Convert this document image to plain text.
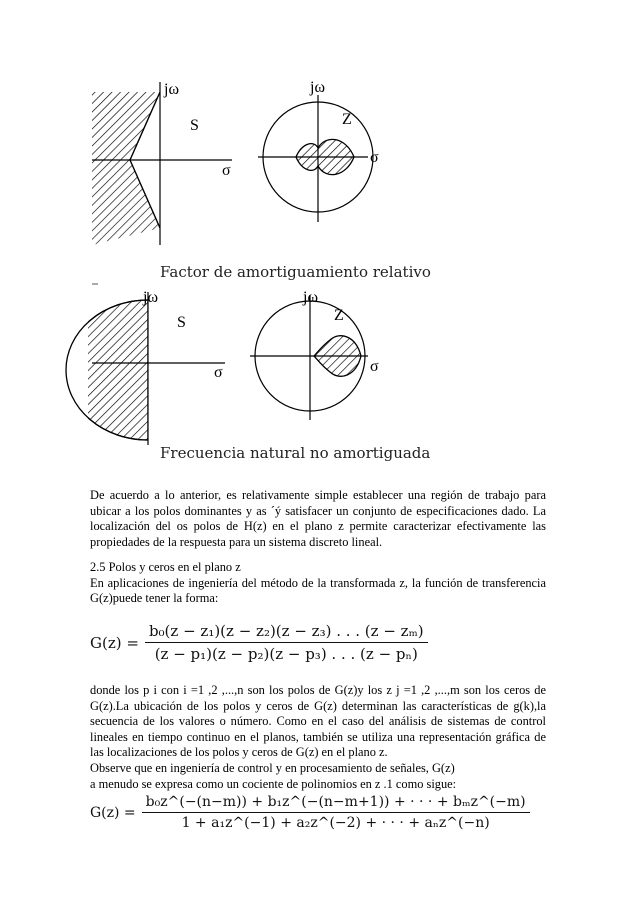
jω
S
σ
jω
Z
σ
Factor de amortiguamiento relativo
jω
S
σ
jω
Z
σ
Frecuencia natural no amortiguada

De acuerdo a lo anterior, es relativamente simple establecer una región de trabajo para ubicar a los polos dominantes y as ´ý satisfacer un conjunto de especificaciones dado. La localización del os polos de H(z) en el plano z permite caracterizar efectivamente las propiedades de la respuesta para un sistema discreto lineal.

2.5 Polos y ceros en el plano z

En aplicaciones de ingeniería del método de la transformada z, la función de transferencia G(z)puede tener la forma:

$G(z) = \frac{\text{b₀(z − z₁)(z − z₂)(z − z₃) . . . (z − zₘ)}}{\text{(z − p₁)(z − p₂)(z − p₃) . . . (z − pₙ)}}$

donde los p i con i =1 ,2 ,...,n son los polos de G(z)y los z j =1 ,2 ,...,m son los ceros de G(z).La ubicación de los polos y ceros de G(z) determinan las características de g(k),la secuencia de los valores o número. Como en el caso del análisis de sistemas de control lineales en tiempo continuo en el planos, también se utiliza una representación gráfica de las localizaciones de los polos y ceros de G(z) en el plano z.

Observe que en ingeniería de control y en procesamiento de señales, G(z)

a menudo se expresa como un cociente de polinomios en z .1 como sigue:

$G(z) = \frac{\text{b₀z\textasciicircum{}(−(n−m)) + b₁z\textasciicircum{}(−(n−m+1)) + · · · + bₘz\textasciicircum{}(−m)}}{\text{1 + a₁z\textasciicircum{}(−1) + a₂z\textasciicircum{}(−2) + · · · + aₙz\textasciicircum{}(−n)}}$
